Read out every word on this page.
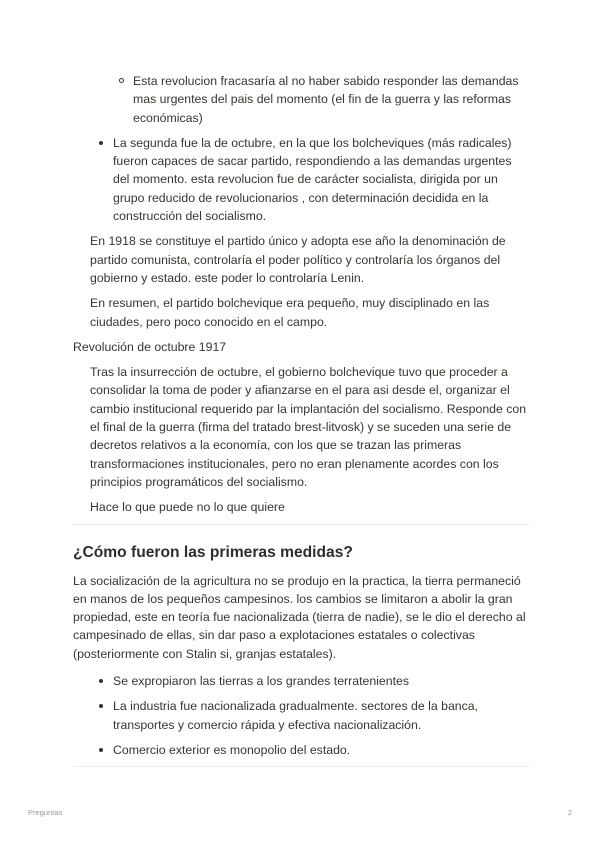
Esta revolucion fracasaría al no haber sabido responder las demandas mas urgentes del pais del momento (el fin de la guerra y las reformas económicas)
La segunda fue la de octubre, en la que los bolcheviques (más radicales) fueron capaces de sacar partido, respondiendo a las demandas urgentes del momento. esta revolucion fue de carácter socialista, dirigida por un grupo reducido de revolucionarios , con determinación decidida en la construcción del socialismo.

En 1918 se constituye el partido único y adopta ese año la denominación de partido comunista, controlaría el poder político y controlaría los órganos del gobierno y estado. este poder lo controlaría Lenin.

En resumen, el partido bolchevique era pequeño, muy disciplinado en las ciudades, pero poco conocido en el campo.

Revolución de octubre 1917

Tras la insurrección de octubre, el gobierno bolchevique tuvo que proceder a consolidar la toma de poder y afianzarse en el para asi desde el, organizar el cambio institucional requerido par la implantación del socialismo. Responde con el final de la guerra (firma del tratado brest-litvosk) y se suceden una serie de decretos relativos a la economía, con los que se trazan las primeras transformaciones institucionales, pero no eran plenamente acordes con los principios programáticos del socialismo.

Hace lo que puede no lo que quiere

¿Cómo fueron las primeras medidas?

La socialización de la agricultura no se produjo en la practica, la tierra permaneció en manos de los pequeños campesinos. los cambios se limitaron a abolir la gran propiedad, este en teoría fue nacionalizada (tierra de nadie), se le dio el derecho al campesinado de ellas, sin dar paso a explotaciones estatales o colectivas (posteriormente con Stalin si, granjas estatales).

Se expropiaron las tierras a los grandes terratenientes
La industria fue nacionalizada gradualmente. sectores de la banca, transportes y comercio rápida y efectiva nacionalización.
Comercio exterior es monopolio del estado.
Preguntas	2
